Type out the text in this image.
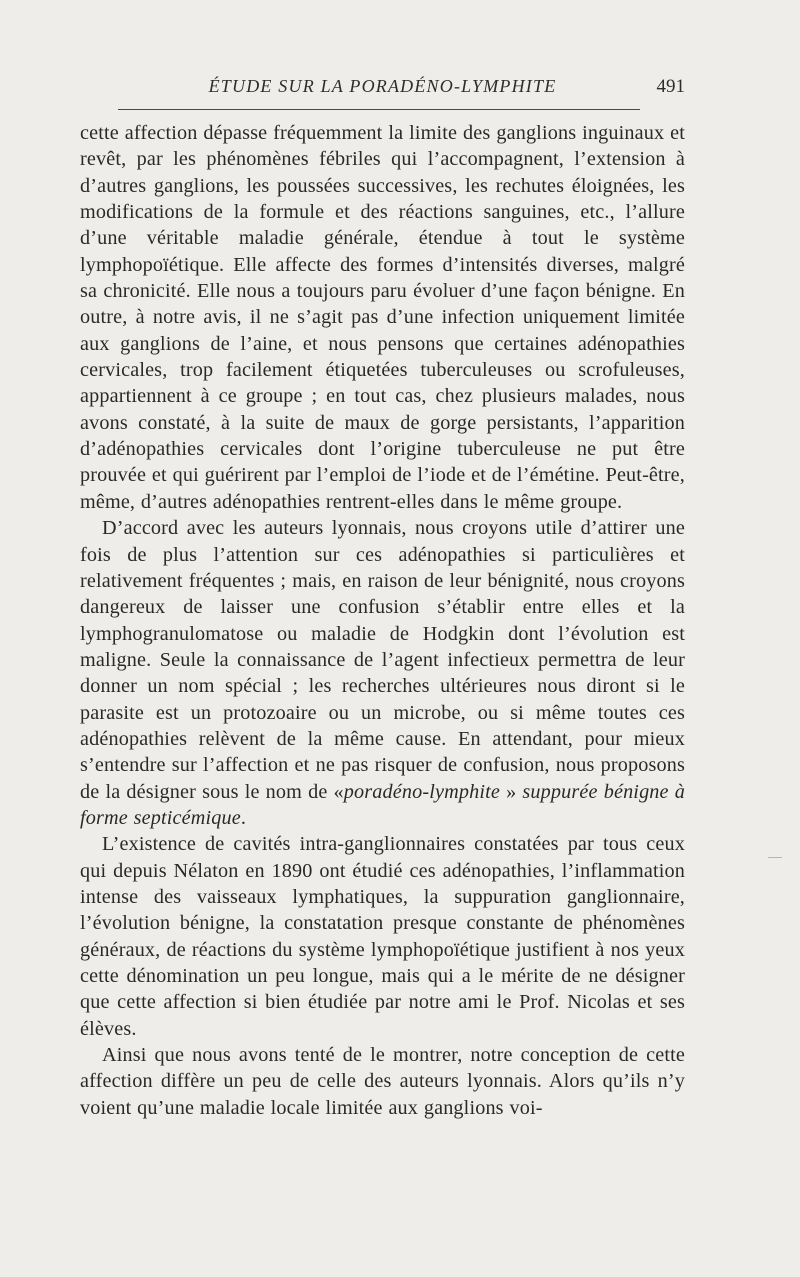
ÉTUDE SUR LA PORADÉNO-LYMPHITE	491

cette affection dépasse fréquemment la limite des ganglions inguinaux et revêt, par les phénomènes fébriles qui l’accompagnent, l’extension à d’autres ganglions, les poussées successives, les rechutes éloignées, les modifications de la formule et des réactions sanguines, etc., l’allure d’une véritable maladie générale, étendue à tout le système lymphopoïétique. Elle affecte des formes d’intensités diverses, malgré sa chronicité. Elle nous a toujours paru évoluer d’une façon bénigne. En outre, à notre avis, il ne s’agit pas d’une infection uniquement limitée aux ganglions de l’aine, et nous pensons que certaines adénopathies cervicales, trop facilement étiquetées tuberculeuses ou scrofuleuses, appartiennent à ce groupe ; en tout cas, chez plusieurs malades, nous avons constaté, à la suite de maux de gorge persistants, l’apparition d’adénopathies cervicales dont l’origine tuberculeuse ne put être prouvée et qui guérirent par l’emploi de l’iode et de l’émétine. Peut-être, même, d’autres adénopathies rentrent-elles dans le même groupe.

D’accord avec les auteurs lyonnais, nous croyons utile d’attirer une fois de plus l’attention sur ces adénopathies si particulières et relativement fréquentes ; mais, en raison de leur bénignité, nous croyons dangereux de laisser une confusion s’établir entre elles et la lymphogranulomatose ou maladie de Hodgkin dont l’évolution est maligne. Seule la connaissance de l’agent infectieux permettra de leur donner un nom spécial ; les recherches ultérieures nous diront si le parasite est un protozoaire ou un microbe, ou si même toutes ces adénopathies relèvent de la même cause. En attendant, pour mieux s’entendre sur l’affection et ne pas risquer de confusion, nous proposons de la désigner sous le nom de «poradéno-lymphite » suppurée bénigne à forme septicémique.

L’existence de cavités intra-ganglionnaires constatées par tous ceux qui depuis Nélaton en 1890 ont étudié ces adénopathies, l’inflammation intense des vaisseaux lymphatiques, la suppuration ganglionnaire, l’évolution bénigne, la constatation presque constante de phénomènes généraux, de réactions du système lymphopoïétique justifient à nos yeux cette dénomination un peu longue, mais qui a le mérite de ne désigner que cette affection si bien étudiée par notre ami le Prof. Nicolas et ses élèves.

Ainsi que nous avons tenté de le montrer, notre conception de cette affection diffère un peu de celle des auteurs lyonnais. Alors qu’ils n’y voient qu’une maladie locale limitée aux ganglions voi-
